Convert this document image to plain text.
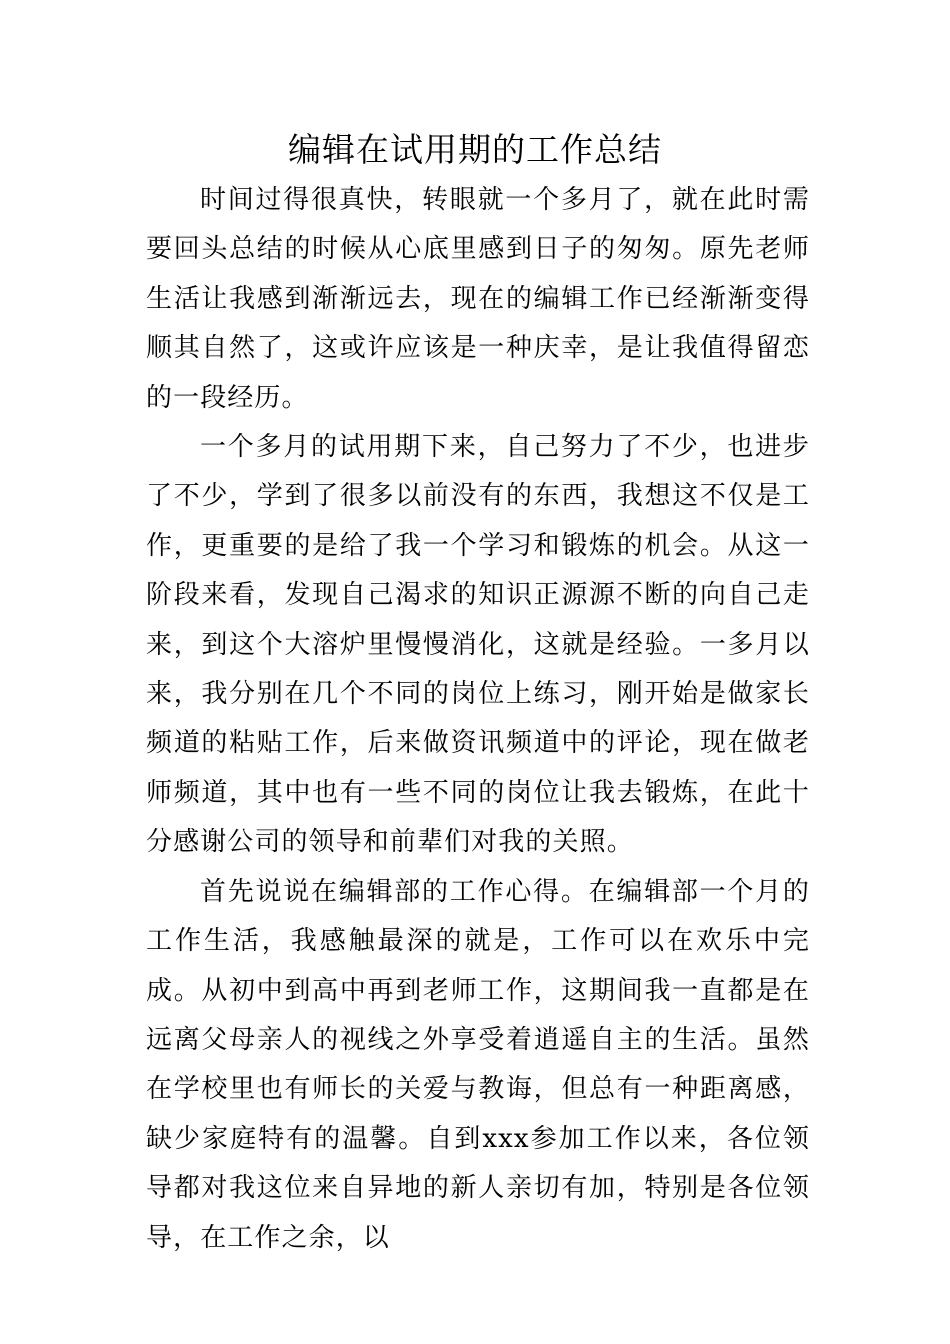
编辑在试用期的工作总结

时间过得很真快，转眼就一个多月了，就在此时需要回头总结的时候从心底里感到日子的匆匆。原先老师生活让我感到渐渐远去，现在的编辑工作已经渐渐变得顺其自然了，这或许应该是一种庆幸，是让我值得留恋的一段经历。

一个多月的试用期下来，自己努力了不少，也进步了不少，学到了很多以前没有的东西，我想这不仅是工作，更重要的是给了我一个学习和锻炼的机会。从这一阶段来看，发现自己渴求的知识正源源不断的向自己走来，到这个大溶炉里慢慢消化，这就是经验。一多月以来，我分别在几个不同的岗位上练习，刚开始是做家长频道的粘贴工作，后来做资讯频道中的评论，现在做老师频道，其中也有一些不同的岗位让我去锻炼，在此十分感谢公司的领导和前辈们对我的关照。

首先说说在编辑部的工作心得。在编辑部一个月的工作生活，我感触最深的就是，工作可以在欢乐中完成。从初中到高中再到老师工作，这期间我一直都是在远离父母亲人的视线之外享受着逍遥自主的生活。虽然在学校里也有师长的关爱与教诲，但总有一种距离感，缺少家庭特有的温馨。自到xxx参加工作以来，各位领导都对我这位来自异地的新人亲切有加，特别是各位领导，在工作之余，以
